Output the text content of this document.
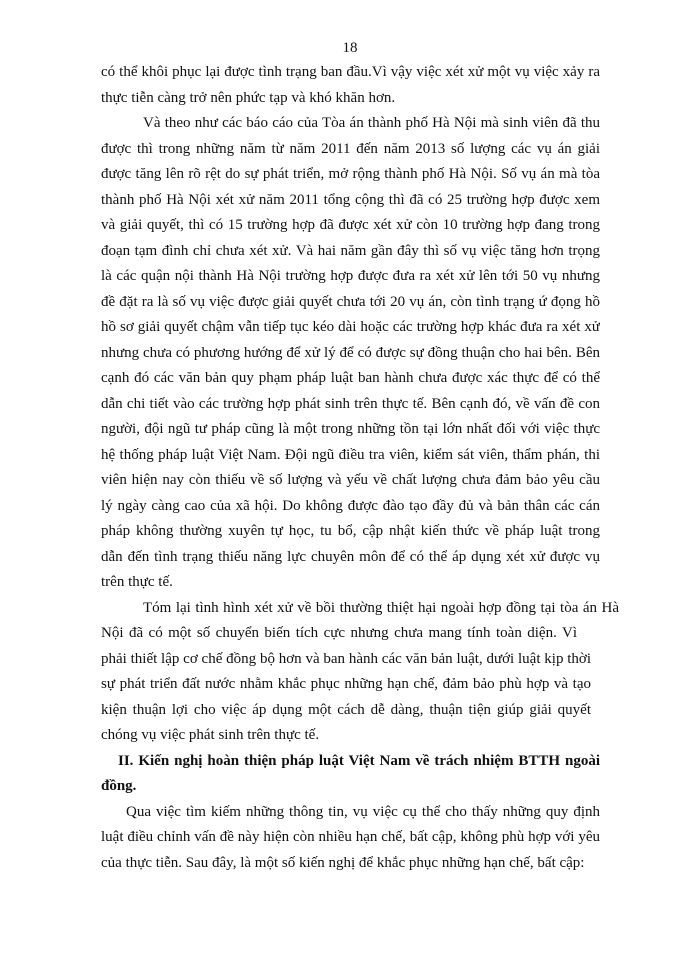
18
có thể khôi phục lại được tình trạng ban đầu.Vì vậy việc xét xử một vụ việc xảy ra
thực tiễn càng trở nên phức tạp và khó khăn hơn.
Và theo như các báo cáo của Tòa án thành phố Hà Nội mà sinh viên đã thu
được thì trong những năm từ năm 2011 đến năm 2013 số lượng các vụ án giải
được tăng lên rõ rệt do sự phát triển, mở rộng thành phố Hà Nội. Số vụ án mà tòa
thành phố Hà Nội xét xử năm 2011 tổng cộng thì đã có 25 trường hợp được xem
và giải quyết, thì có 15 trường hợp đã được xét xử còn 10 trường hợp đang trong
đoạn tạm đình chỉ chưa xét xử. Và hai năm gần đây thì số vụ việc tăng hơn trọng
là các quận nội thành Hà Nội trường hợp được đưa ra xét xử lên tới 50 vụ nhưng
đề đặt ra là số vụ việc được giải quyết chưa tới 20 vụ án, còn tình trạng ứ đọng hồ
hồ sơ giải quyết chậm vẫn tiếp tục kéo dài hoặc các trường hợp khác đưa ra xét xử
nhưng chưa có phương hướng để xử lý để có được sự đồng thuận cho hai bên. Bên
cạnh đó các văn bản quy phạm pháp luật ban hành chưa được xác thực để có thể
dẫn chi tiết vào các trường hợp phát sinh trên thực tế. Bên cạnh đó, về vấn đề con
người, đội ngũ tư pháp cũng là một trong những tồn tại lớn nhất đối với việc thực
hệ thống pháp luật Việt Nam. Đội ngũ điều tra viên, kiểm sát viên, thẩm phán, thi
viên hiện nay còn thiếu về số lượng và yếu về chất lượng chưa đảm bảo yêu cầu
lý ngày càng cao của xã hội. Do không được đào tạo đầy đủ và bản thân các cán
pháp không thường xuyên tự học, tu bổ, cập nhật kiến thức về pháp luật trong
dẫn đến tình trạng thiếu năng lực chuyên môn để có thể áp dụng xét xử được vụ
trên thực tế.
Tóm lại tình hình xét xử về bồi thường thiệt hại ngoài hợp đồng tại tòa án Hà
Nội đã có một số chuyển biến tích cực nhưng chưa mang tính toàn diện. Vì
phải thiết lập cơ chế đồng bộ hơn và ban hành các văn bản luật, dưới luật kịp thời
sự phát triển đất nước nhằm khắc phục những hạn chế, đảm bảo phù hợp và tạo
kiện thuận lợi cho việc áp dụng một cách dễ dàng, thuận tiện giúp giải quyết
chóng vụ việc phát sinh trên thực tế.
II. Kiến nghị hoàn thiện pháp luật Việt Nam về trách nhiệm BTTH ngoài
đồng.
Qua việc tìm kiếm những thông tin, vụ việc cụ thể cho thấy những quy định
luật điều chỉnh vấn đề này hiện còn nhiều hạn chế, bất cập, không phù hợp với yêu
của thực tiễn. Sau đây, là một số kiến nghị để khắc phục những hạn chế, bất cập:
